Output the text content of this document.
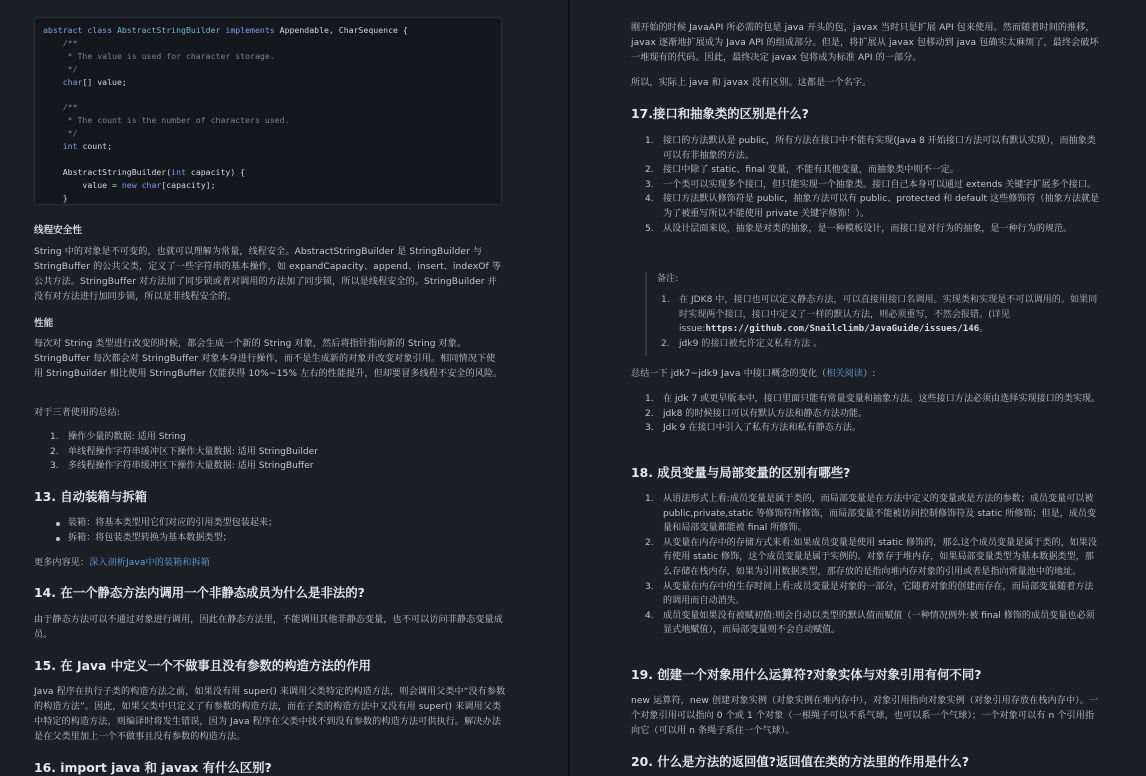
abstract class AbstractStringBuilder implements Appendable, CharSequence {
/**
* The value is used for character storage.
*/
char[] value;
/**
* The count is the number of characters used.
*/
int count;
AbstractStringBuilder(int capacity) {
value = new char[capacity];
}
线程安全性
String 中的对象是不可变的，也就可以理解为常量，线程安全。AbstractStringBuilder 是 StringBuilder 与 StringBuffer 的公共父类，定义了一些字符串的基本操作，如 expandCapacity、append、insert、indexOf 等公共方法。StringBuffer 对方法加了同步锁或者对调用的方法加了同步锁，所以是线程安全的。StringBuilder 并没有对方法进行加同步锁，所以是非线程安全的。
性能
每次对 String 类型进行改变的时候，都会生成一个新的 String 对象，然后将指针指向新的 String 对象。StringBuffer 每次都会对 StringBuffer 对象本身进行操作，而不是生成新的对象并改变对象引用。相同情况下使用 StringBuilder 相比使用 StringBuffer 仅能获得 10%~15% 左右的性能提升，但却要冒多线程不安全的风险。
对于三者使用的总结:
1. 操作少量的数据: 适用 String
2. 单线程操作字符串缓冲区下操作大量数据: 适用 StringBuilder
3. 多线程操作字符串缓冲区下操作大量数据: 适用 StringBuffer
13. 自动装箱与拆箱
装箱：将基本类型用它们对应的引用类型包装起来；
拆箱：将包装类型转换为基本数据类型；
更多内容见：深入剖析Java中的装箱和拆箱
14. 在一个静态方法内调用一个非静态成员为什么是非法的?
由于静态方法可以不通过对象进行调用，因此在静态方法里，不能调用其他非静态变量，也不可以访问非静态变量成员。
15. 在 Java 中定义一个不做事且没有参数的构造方法的作用
Java 程序在执行子类的构造方法之前，如果没有用 super() 来调用父类特定的构造方法，则会调用父类中“没有参数的构造方法”。因此，如果父类中只定义了有参数的构造方法，而在子类的构造方法中又没有用 super() 来调用父类中特定的构造方法，则编译时将发生错误，因为 Java 程序在父类中找不到没有参数的构造方法可供执行。解决办法是在父类里加上一个不做事且没有参数的构造方法。
16. import java 和 javax 有什么区别?
刚开始的时候 JavaAPI 所必需的包是 java 开头的包，javax 当时只是扩展 API 包来使用。然而随着时间的推移，javax 逐渐地扩展成为 Java API 的组成部分。但是，将扩展从 javax 包移动到 java 包确实太麻烦了，最终会破坏一堆现有的代码。因此，最终决定 javax 包将成为标准 API 的一部分。
所以，实际上 java 和 javax 没有区别。这都是一个名字。
17.接口和抽象类的区别是什么?
1. 接口的方法默认是 public，所有方法在接口中不能有实现(Java 8 开始接口方法可以有默认实现），而抽象类可以有非抽象的方法。
2. 接口中除了 static、final 变量，不能有其他变量，而抽象类中则不一定。
3. 一个类可以实现多个接口，但只能实现一个抽象类。接口自己本身可以通过 extends 关键字扩展多个接口。
4. 接口方法默认修饰符是 public，抽象方法可以有 public、protected 和 default 这些修饰符（抽象方法就是为了被重写所以不能使用 private 关键字修饰！）。
5. 从设计层面来说，抽象是对类的抽象，是一种模板设计，而接口是对行为的抽象，是一种行为的规范。
备注:
1. 在 JDK8 中，接口也可以定义静态方法，可以直接用接口名调用。实现类和实现是不可以调用的。如果同时实现两个接口，接口中定义了一样的默认方法，则必须重写，不然会报错。(详见 issue:https://github.com/Snailclimb/JavaGuide/issues/146。
2. jdk9 的接口被允许定义私有方法 。
总结一下 jdk7~jdk9 Java 中接口概念的变化（相关阅读）:
1. 在 jdk 7 或更早版本中，接口里面只能有常量变量和抽象方法。这些接口方法必须由选择实现接口的类实现。
2. jdk8 的时候接口可以有默认方法和静态方法功能。
3. Jdk 9 在接口中引入了私有方法和私有静态方法。
18. 成员变量与局部变量的区别有哪些?
1. 从语法形式上看:成员变量是属于类的，而局部变量是在方法中定义的变量或是方法的参数；成员变量可以被 public,private,static 等修饰符所修饰，而局部变量不能被访问控制修饰符及 static 所修饰；但是，成员变量和局部变量都能被 final 所修饰。
2. 从变量在内存中的存储方式来看:如果成员变量是使用 static 修饰的，那么这个成员变量是属于类的，如果没有使用 static 修饰，这个成员变量是属于实例的。对象存于堆内存，如果局部变量类型为基本数据类型，那么存储在栈内存，如果为引用数据类型，那存放的是指向堆内存对象的引用或者是指向常量池中的地址。
3. 从变量在内存中的生存时间上看:成员变量是对象的一部分，它随着对象的创建而存在，而局部变量随着方法的调用而自动消失。
4. 成员变量如果没有被赋初值:则会自动以类型的默认值而赋值（一种情况例外:被 final 修饰的成员变量也必须显式地赋值），而局部变量则不会自动赋值。
19. 创建一个对象用什么运算符?对象实体与对象引用有何不同?
new 运算符，new 创建对象实例（对象实例在堆内存中），对象引用指向对象实例（对象引用存放在栈内存中）。一个对象引用可以指向 0 个或 1 个对象（一根绳子可以不系气球，也可以系一个气球）；一个对象可以有 n 个引用指向它（可以用 n 条绳子系住一个气球）。
20. 什么是方法的返回值?返回值在类的方法里的作用是什么?
